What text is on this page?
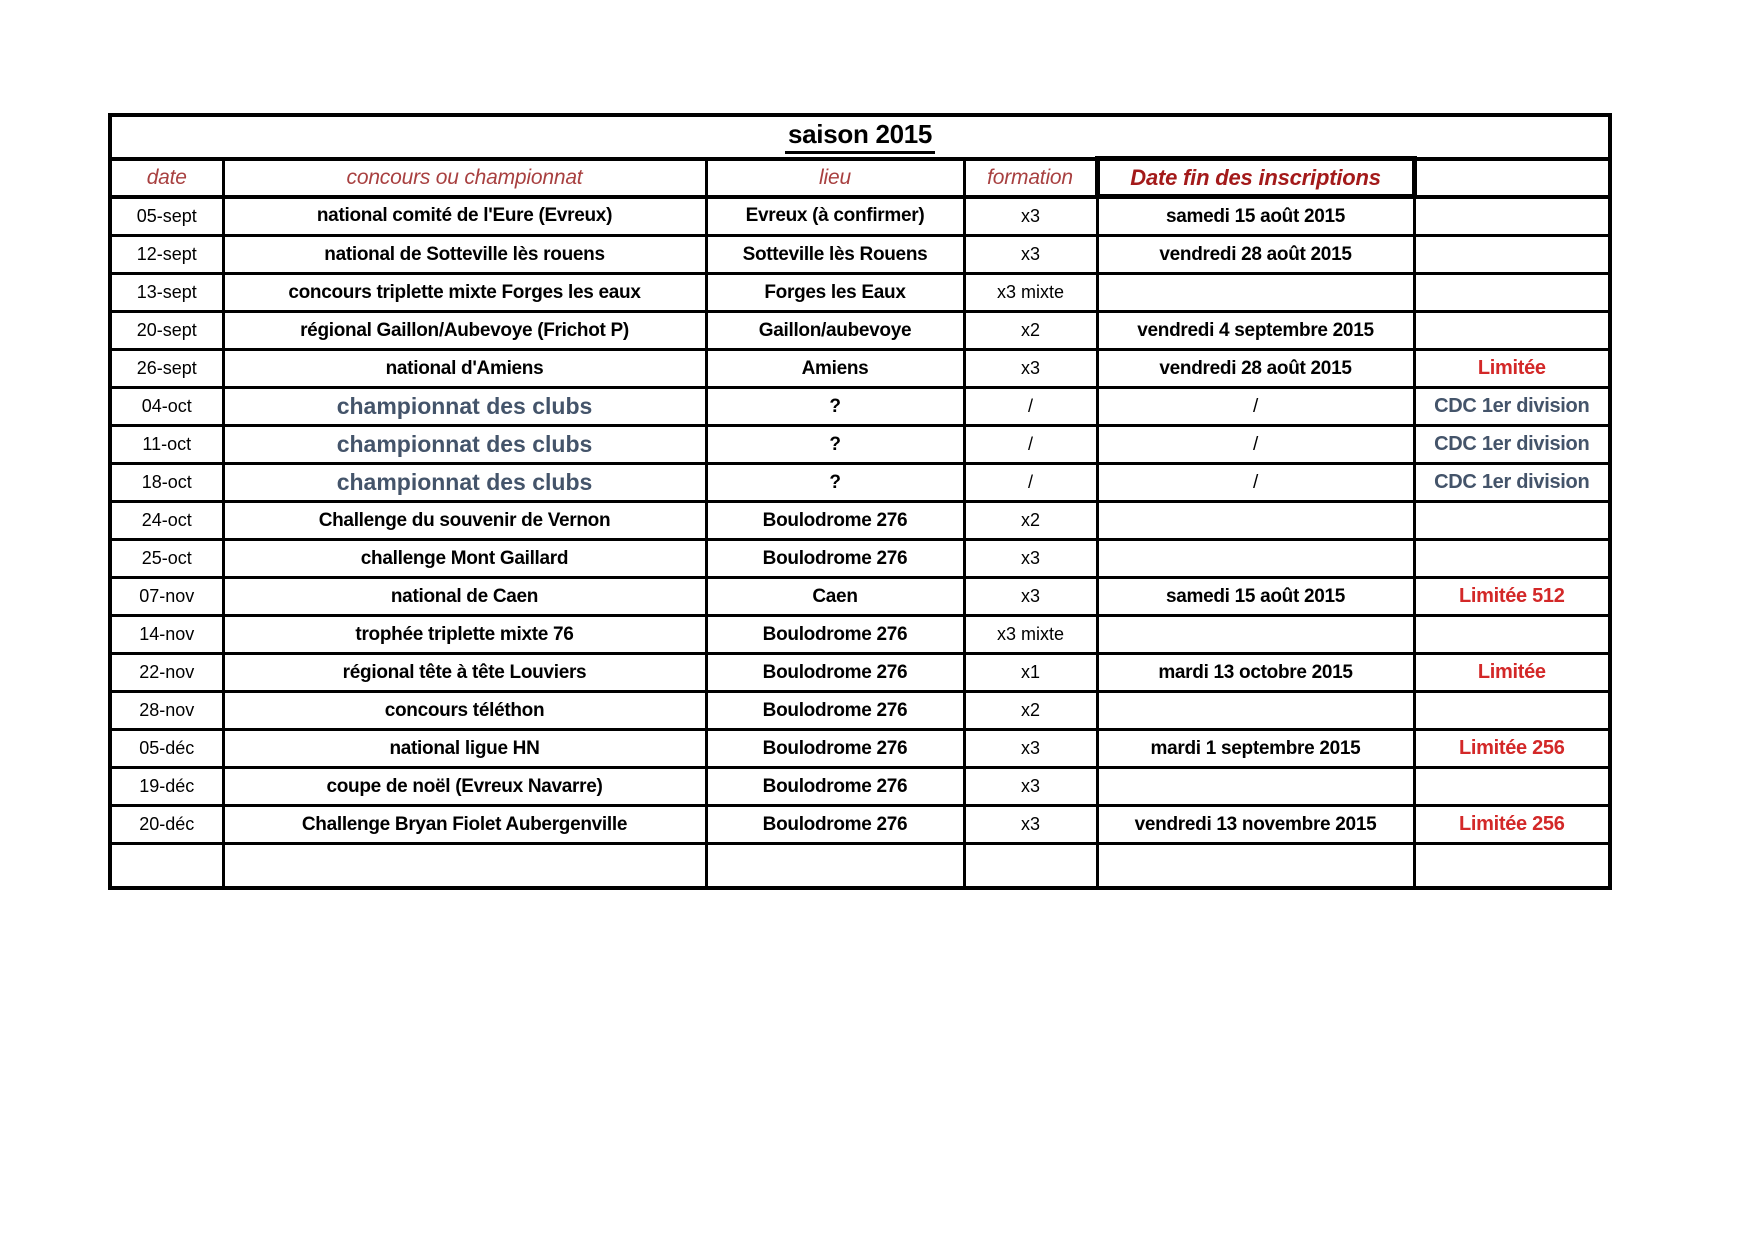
saison 2015					
date	concours ou championnat	lieu	formation	Date fin des inscriptions	
05-sept	national comité de l'Eure (Evreux)	Evreux (à confirmer)	x3	samedi 15 août 2015	
12-sept	national de Sotteville lès rouens	Sotteville lès Rouens	x3	vendredi 28 août 2015	
13-sept	concours triplette mixte Forges les eaux	Forges les Eaux	x3 mixte		
20-sept	régional Gaillon/Aubevoye (Frichot P)	Gaillon/aubevoye	x2	vendredi 4 septembre 2015	
26-sept	national d'Amiens	Amiens	x3	vendredi 28 août 2015	Limitée
04-oct	championnat des clubs	?	/	/	CDC 1er division
11-oct	championnat des clubs	?	/	/	CDC 1er division
18-oct	championnat des clubs	?	/	/	CDC 1er division
24-oct	Challenge du souvenir de Vernon	Boulodrome 276	x2		
25-oct	challenge Mont Gaillard	Boulodrome 276	x3		
07-nov	national de Caen	Caen	x3	samedi 15 août 2015	Limitée 512
14-nov	trophée triplette mixte 76	Boulodrome 276	x3 mixte		
22-nov	régional tête à tête Louviers	Boulodrome 276	x1	mardi 13 octobre 2015	Limitée
28-nov	concours téléthon	Boulodrome 276	x2		
05-déc	national ligue HN	Boulodrome 276	x3	mardi 1 septembre 2015	Limitée 256
19-déc	coupe de noël (Evreux Navarre)	Boulodrome 276	x3		
20-déc	Challenge Bryan Fiolet Aubergenville	Boulodrome 276	x3	vendredi 13 novembre 2015	Limitée 256
